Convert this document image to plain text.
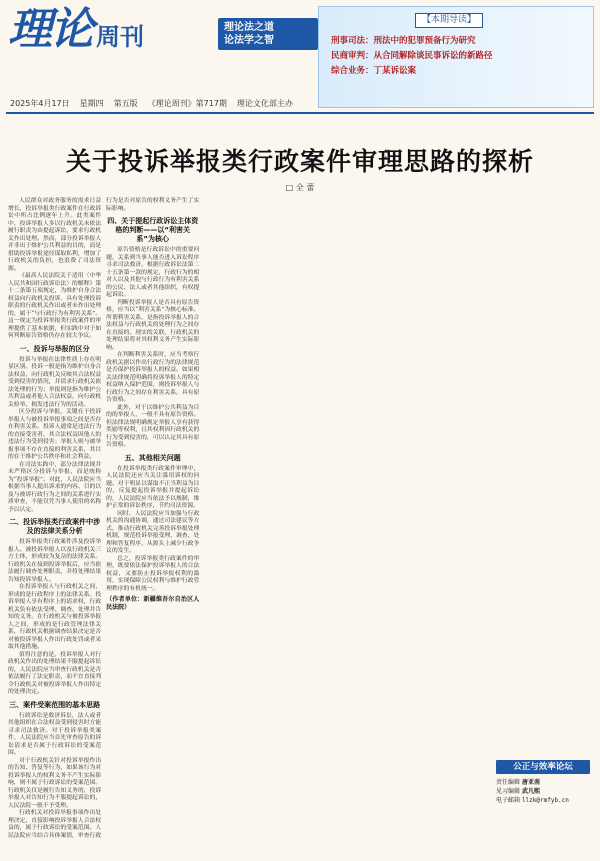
理论 周刊	理论法之道
论法学之智
2025年4月17日 星期四 第五版 《理论周刊》第717期 理论文化部主办
【本期导读】
刑事司法：刑法中的犯罪预备行为研究
民商审判：从合同解除谈民事诉讼的新路径
综合业务：丁某诉讼案
关于投诉举报类行政案件审理思路的探析
□ 全 蕾

人民群众对政务服务的需求日益增长，投诉举报类行政案件在行政诉讼中所占比例逐年上升。此类案件中，投诉举报人多以行政机关未依法履行职责为由提起诉讼，要求行政机关作出处理。然而，部分投诉举报人并非出于维护公共利益的目的，而是借助投诉举报途径谋取私利，增加了行政机关的负担，也浪费了司法资源。

《最高人民法院关于适用〈中华人民共和国行政诉讼法〉的解释》第十二条第五项规定，为维护自身合法权益向行政机关投诉，具有处理投诉职责的行政机关作出或者未作出处理的，属于“与行政行为有利害关系”。这一规定为投诉举报类行政案件的审理提供了基本依据，但实践中对于如何判断原告资格仍存在较大争议。

一、投诉与举报的区分

投诉与举报在法律性质上存在明显区别。投诉一般是指为维护自身合法权益，向行政机关反映其合法权益受到侵害的情况，并请求行政机关依法处理的行为；举报则是指为维护公共利益或者他人合法权益，向行政机关检举、揭发违法行为的活动。

区分投诉与举报，关键在于投诉举报人与被投诉举报事项之间是否存在利害关系。投诉人通常是违法行为的直接受害者，其合法权益因他人的违法行为受到侵害；举报人则与被举报事项不存在直接的利害关系，其目的在于维护公共秩序和社会利益。

在司法实践中，部分法律法规并未严格区分投诉与举报，而是统称为“投诉举报”。对此，人民法院应当根据当事人提出诉求的内容、目的以及与被诉行政行为之间的关系进行实质审查，不能仅凭当事人使用的名称予以认定。

二、投诉举报类行政案件中涉及的法律关系分析

投诉举报类行政案件涉及投诉举报人、被投诉举报人以及行政机关三方主体，形成较为复杂的法律关系。行政机关在接到投诉举报后，应当依法履行调查处理职责，并将处理结果告知投诉举报人。

在投诉举报人与行政机关之间，形成的是行政程序上的法律关系。投诉举报人享有程序上的请求权，行政机关负有依法受理、调查、处理并告知的义务。在行政机关与被投诉举报人之间，形成的是行政管理法律关系，行政机关根据调查结果决定是否对被投诉举报人作出行政处罚或者采取其他措施。

值得注意的是，投诉举报人对行政机关作出的处理结果不服提起诉讼的，人民法院应当审查行政机关是否依法履行了法定职责，而不宜直接判令行政机关对被投诉举报人作出特定的处理决定。

三、案件受案范围的基本思路

行政诉讼是救济诉讼，法人或者其他组织在合法权益受到侵害时方能寻求司法救济。对于投诉举报类案件，人民法院应当首先审查原告的诉讼请求是否属于行政诉讼的受案范围。

对于行政机关针对投诉举报作出的告知、答复等行为，如果该行为对投诉举报人的权利义务不产生实际影响，则不属于行政诉讼的受案范围。行政机关仅是履行告知义务的，投诉举报人对告知行为不服提起诉讼的，人民法院一般不予受理。

行政机关对投诉举报事项作出处理决定，直接影响投诉举报人合法权益的，属于行政诉讼的受案范围。人民法院应当结合具体案情，审查行政行为是否对原告的权利义务产生了实际影响。

四、关于提起行政诉讼主体资格的判断——以“利害关系”为核心

原告资格是行政诉讼中的重要问题，关系到当事人能否进入诉讼程序寻求司法救济。根据行政诉讼法第二十五条第一款的规定，行政行为的相对人以及其他与行政行为有利害关系的公民、法人或者其他组织，有权提起诉讼。

判断投诉举报人是否具有原告资格，应当以“利害关系”为核心标准。所谓利害关系，是指投诉举报人的合法权益与行政机关的处理行为之间存在直接的、现实的关联，行政机关的处理结果将对其权利义务产生实际影响。

在判断利害关系时，应当考察行政机关据以作出行政行为的法律规范是否保护投诉举报人的权益。如果相关法律规范明确将投诉举报人的特定权益纳入保护范围，则投诉举报人与行政行为之间存在利害关系，具有原告资格。

此外，对于以维护公共利益为目的的举报人，一般不具有原告资格。但法律法规明确规定举报人享有获得奖励等权利，且其权利因行政机关的行为受到侵害的，可以认定其具有原告资格。

五、其他相关问题

在投诉举报类行政案件审理中，人民法院还应当关注滥用诉权的问题。对于明显以谋取不正当利益为目的，反复提起投诉举报并提起诉讼的，人民法院应当依法予以规制，维护正常的诉讼秩序，节约司法资源。

同时，人民法院应当加强与行政机关的沟通协调，通过司法建议等方式，推动行政机关完善投诉举报处理机制，规范投诉举报受理、调查、处理和答复程序，从源头上减少行政争议的发生。

总之，投诉举报类行政案件的审理，既要依法保护投诉举报人的合法权益，又要防止投诉举报权利的滥用，实现保障公民权利与维护行政管理秩序的有机统一。

（作者单位：新疆维吾尔自治区人民法院）
公正与效率论坛
责任编辑 唐亚南
见习编辑 武凡熙
电子邮箱 llzk@rmfyb.cn
